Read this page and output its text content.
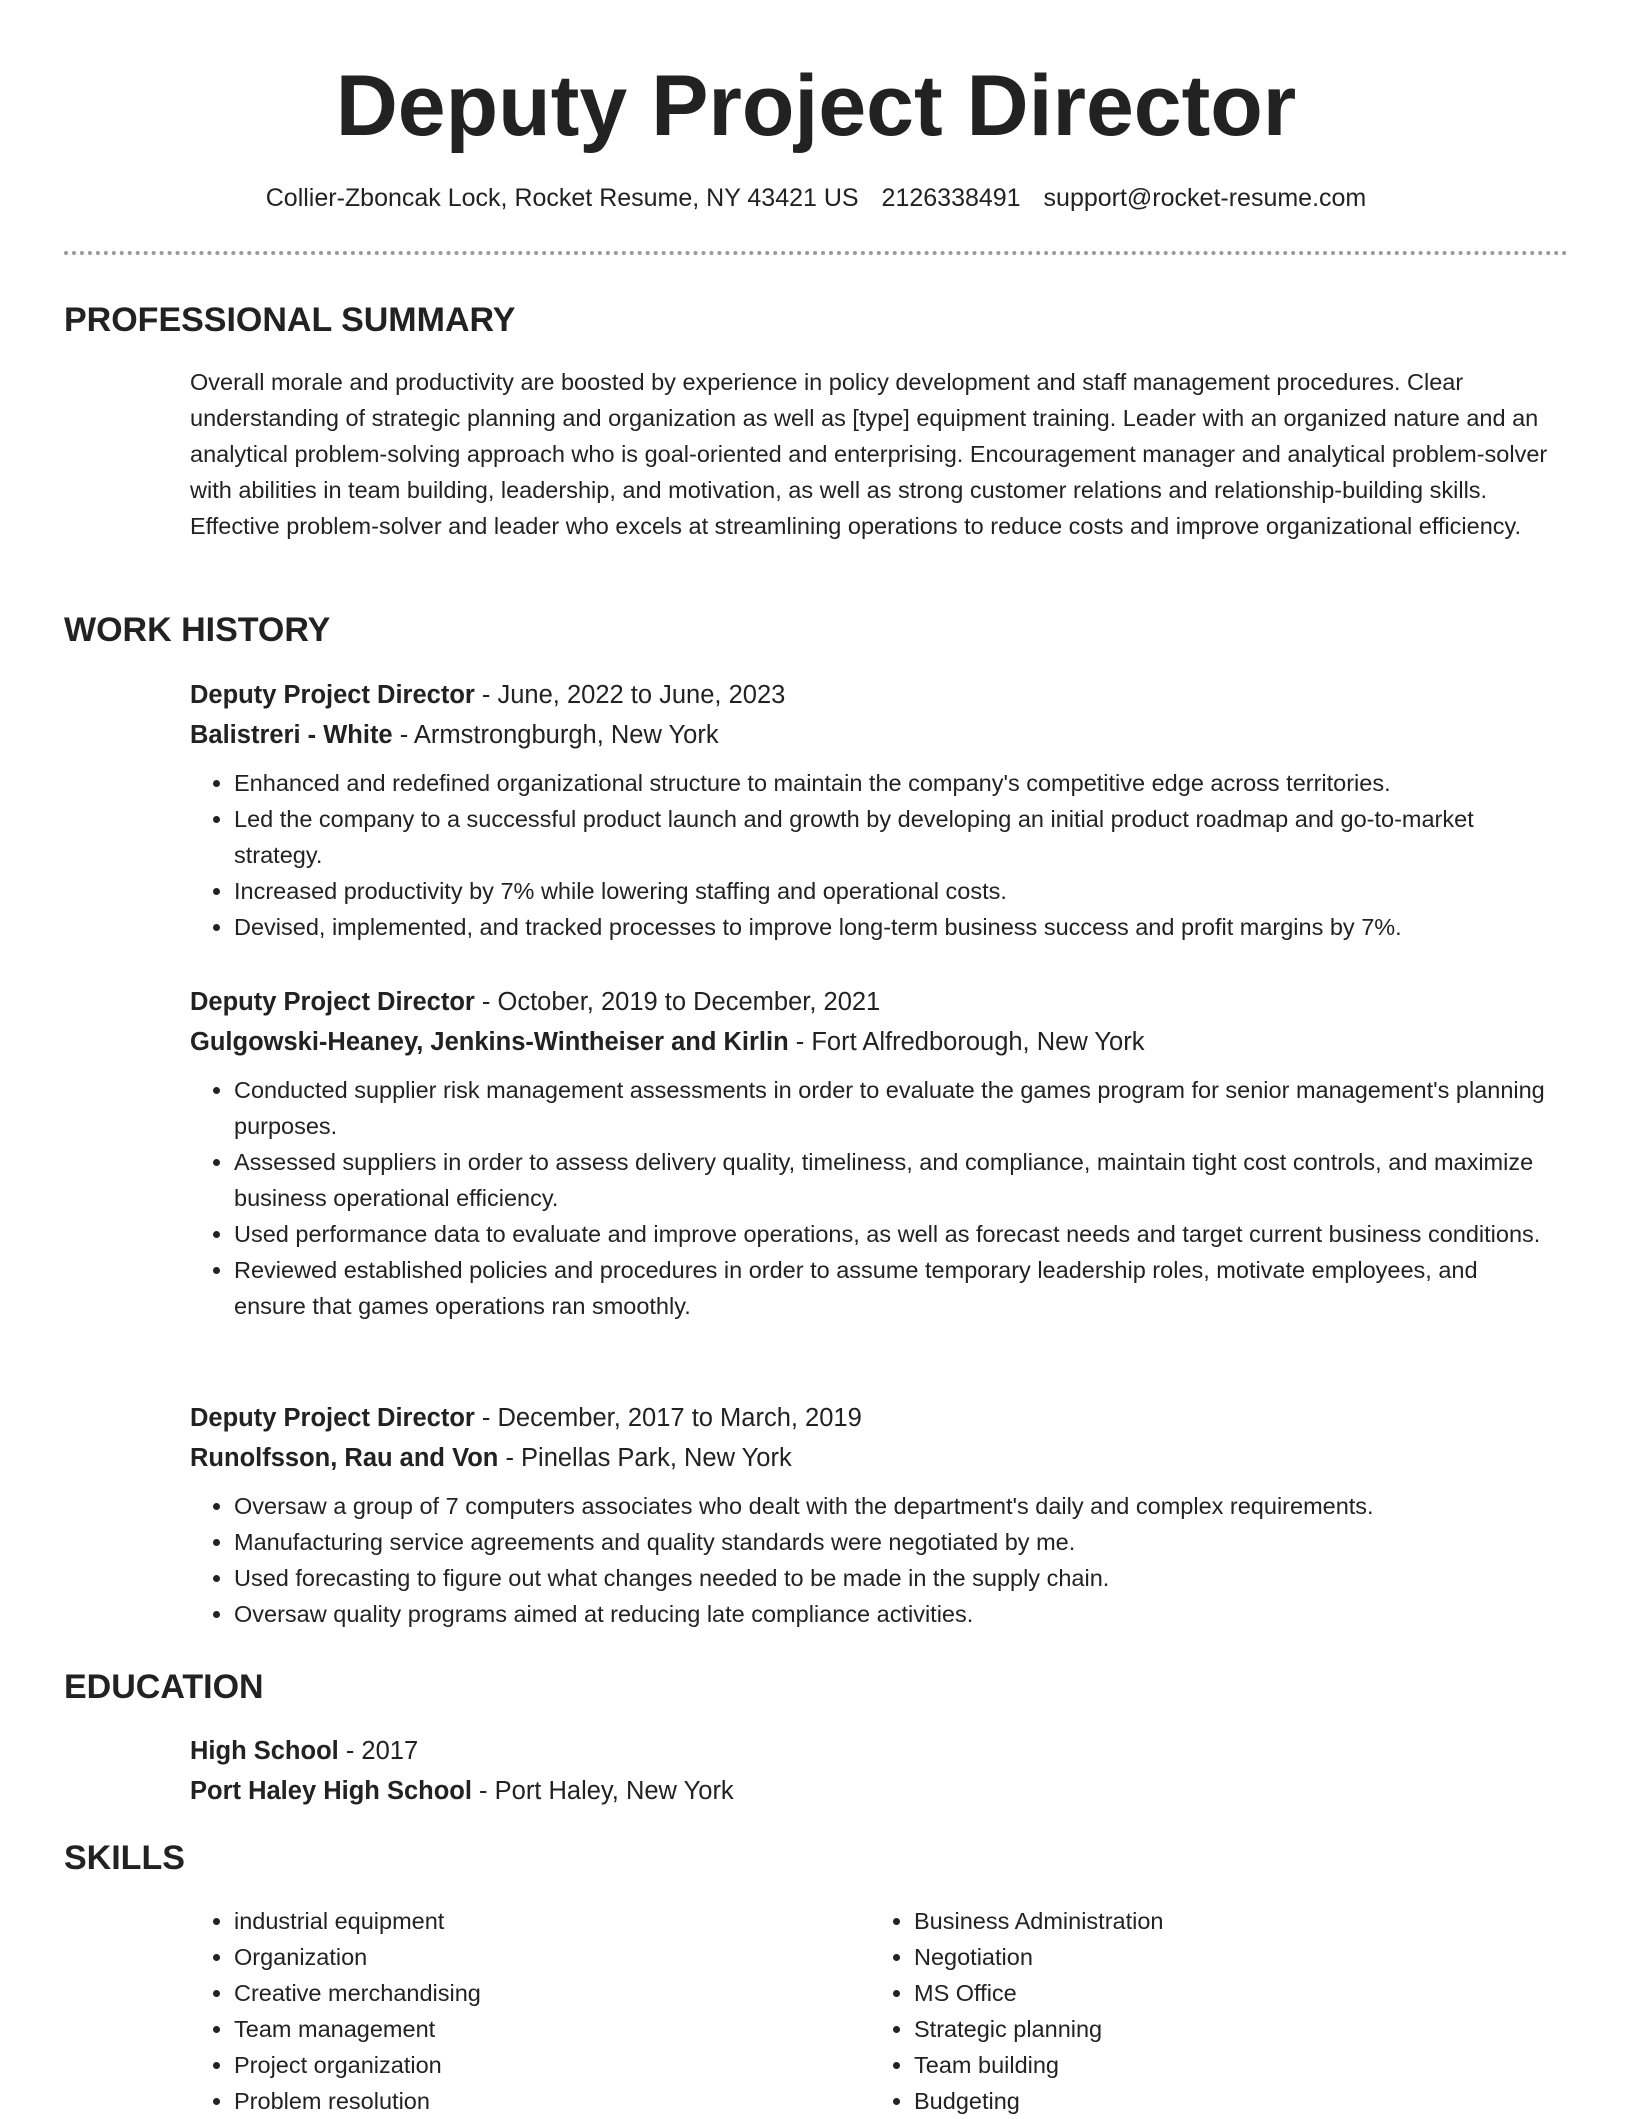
Deputy Project Director
Collier-Zboncak Lock, Rocket Resume, NY 43421 US 2126338491 support@rocket-resume.com
PROFESSIONAL SUMMARY

Overall morale and productivity are boosted by experience in policy development and staff management procedures. Clear understanding of strategic planning and organization as well as [type] equipment training. Leader with an organized nature and an analytical problem-solving approach who is goal-oriented and enterprising. Encouragement manager and analytical problem-solver with abilities in team building, leadership, and motivation, as well as strong customer relations and relationship-building skills. Effective problem-solver and leader who excels at streamlining operations to reduce costs and improve organizational efficiency.

WORK HISTORY
Deputy Project Director - June, 2022 to June, 2023
Balistreri - White - Armstrongburgh, New York
• Enhanced and redefined organizational structure to maintain the company's competitive edge across territories.
• Led the company to a successful product launch and growth by developing an initial product roadmap and go-to-market strategy.
• Increased productivity by 7% while lowering staffing and operational costs.
• Devised, implemented, and tracked processes to improve long-term business success and profit margins by 7%.
Deputy Project Director - October, 2019 to December, 2021
Gulgowski-Heaney, Jenkins-Wintheiser and Kirlin - Fort Alfredborough, New York
• Conducted supplier risk management assessments in order to evaluate the games program for senior management's planning purposes.
• Assessed suppliers in order to assess delivery quality, timeliness, and compliance, maintain tight cost controls, and maximize business operational efficiency.
• Used performance data to evaluate and improve operations, as well as forecast needs and target current business conditions.
• Reviewed established policies and procedures in order to assume temporary leadership roles, motivate employees, and ensure that games operations ran smoothly.
Deputy Project Director - December, 2017 to March, 2019
Runolfsson, Rau and Von - Pinellas Park, New York
• Oversaw a group of 7 computers associates who dealt with the department's daily and complex requirements.
• Manufacturing service agreements and quality standards were negotiated by me.
• Used forecasting to figure out what changes needed to be made in the supply chain.
• Oversaw quality programs aimed at reducing late compliance activities.
EDUCATION
High School - 2017
Port Haley High School - Port Haley, New York
SKILLS
• industrial equipment
• Organization
• Creative merchandising
• Team management
• Project organization
• Problem resolution
• Business Administration
• Negotiation
• MS Office
• Strategic planning
• Team building
• Budgeting
